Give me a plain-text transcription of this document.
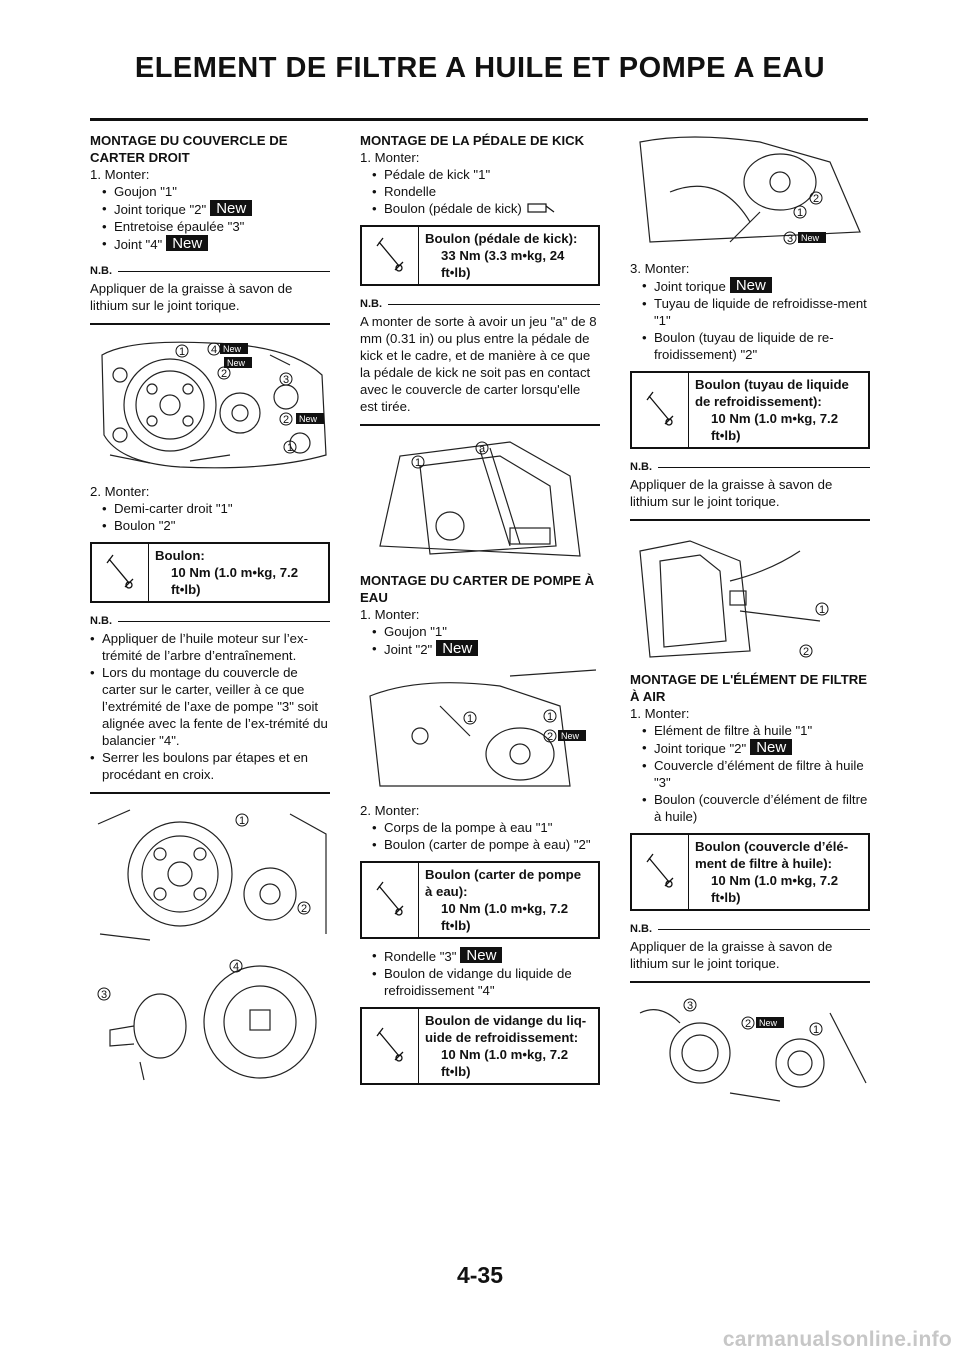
ELEMENT DE FILTRE A HUILE ET POMPE A EAU

MONTAGE DU COUVERCLE DE CARTER DROIT

1. Monter:

• Goujon "1"
• Joint torique "2" New
• Entretoise épaulée "3"
• Joint "4" New
N.B.
Appliquer de la graisse à savon de lithium sur le joint torique.
1 4
2	3
2
1
New
New
New

2. Monter:

• Demi-carter droit "1"
• Boulon "2"
Boulon:
10 Nm (1.0 m•kg, 7.2 ft•lb)
N.B.
• Appliquer de l’huile moteur sur l’ex-trémité de l’arbre d’entraînement.
• Lors du montage du couvercle de carter sur le carter, veiller à ce que l’extrémité de l’axe de pompe "3" soit alignée avec la fente de l’ex-trémité du balancier "4".
• Serrer les boulons par étapes et en procédant en croix.
1
2
4
3

MONTAGE DE LA PÉDALE DE KICK

1. Monter:

• Pédale de kick "1"
• Rondelle
• Boulon (pédale de kick)
Boulon (pédale de kick):
33 Nm (3.3 m•kg, 24 ft•lb)
N.B.
A monter de sorte à avoir un jeu "a" de 8 mm (0.31 in) ou plus entre la pédale de kick et le cadre, et de manière à ce que la pédale de kick ne soit pas en contact avec le couvercle de carter lorsqu'elle est tirée.
1
a

MONTAGE DU CARTER DE POMPE À EAU

1. Monter:

• Goujon "1"
• Joint "2" New
1	1
2 New

2. Monter:

• Corps de la pompe à eau "1"
• Boulon (carter de pompe à eau) "2"
Boulon (carter de pompe à eau):
10 Nm (1.0 m•kg, 7.2 ft•lb)
• Rondelle "3" New
• Boulon de vidange du liquide de refroidissement "4"
Boulon de vidange du liq-uide de refroidissement:
10 Nm (1.0 m•kg, 7.2 ft•lb)
1
2
3 New

3. Monter:

• Joint torique New
• Tuyau de liquide de refroidisse-ment "1"
• Boulon (tuyau de liquide de re-froidissement) "2"
Boulon (tuyau de liquide de refroidissement):
10 Nm (1.0 m•kg, 7.2 ft•lb)
N.B.
Appliquer de la graisse à savon de lithium sur le joint torique.
1
2

MONTAGE DE L'ÉLÉMENT DE FILTRE À AIR

1. Monter:

• Elément de filtre à huile "1"
• Joint torique "2" New
• Couvercle d’élément de filtre à huile "3"
• Boulon (couvercle d’élément de filtre à huile)
Boulon (couvercle d’élé-ment de filtre à huile):
10 Nm (1.0 m•kg, 7.2 ft•lb)
N.B.
Appliquer de la graisse à savon de lithium sur le joint torique.
3
2	1
New
4-35
carmanualsonline.info
